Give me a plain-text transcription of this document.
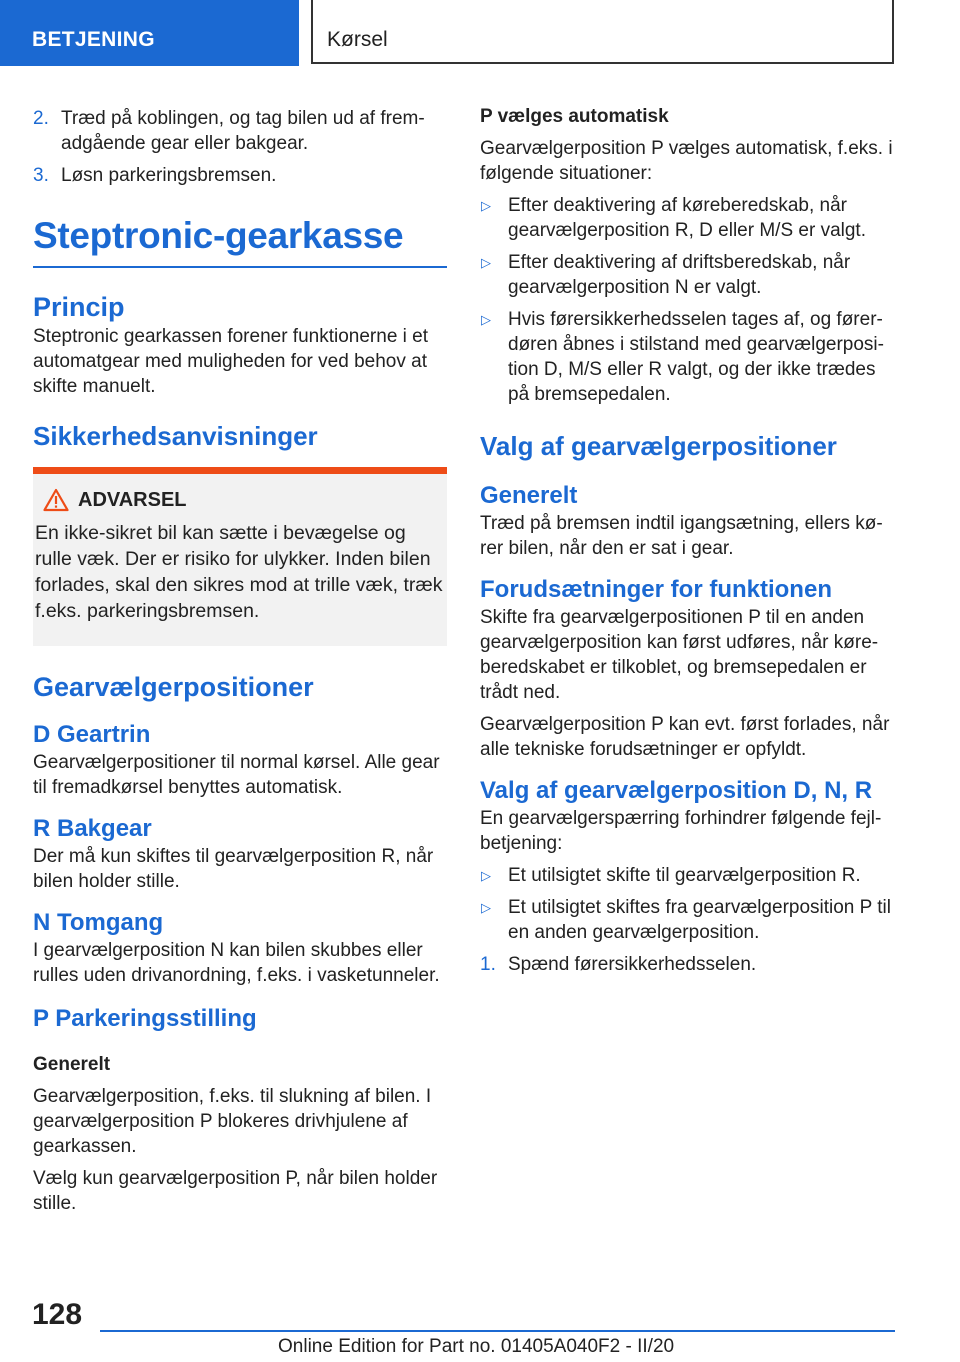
BETJENING	Kørsel
2. Træd på koblingen, og tag bilen ud af fremadgående gear eller bakgear.
3. Løsn parkeringsbremsen.
Steptronic-gearkasse
Princip

Steptronic gearkassen forener funktionerne i et automatgear med muligheden for ved behov at skifte manuelt.

Sikkerhedsanvisninger
ADVARSEL

En ikke-sikret bil kan sætte i bevægelse og rulle væk. Der er risiko for ulykker. Inden bilen forlades, skal den sikres mod at trille væk, træk f.eks. parkeringsbremsen.

Gearvælgerpositioner
D Geartrin

Gearvælgerpositioner til normal kørsel. Alle gear til fremadkørsel benyttes automatisk.

R Bakgear

Der må kun skiftes til gearvælgerposition R, når bilen holder stille.

N Tomgang

I gearvælgerposition N kan bilen skubbes eller rulles uden drivanordning, f.eks. i vasketunneler.

P Parkeringsstilling
Generelt

Gearvælgerposition, f.eks. til slukning af bilen. I gearvælgerposition P blokeres drivhjulene af gearkassen.

Vælg kun gearvælgerposition P, når bilen holder stille.

P vælges automatisk

Gearvælgerposition P vælges automatisk, f.eks. i følgende situationer:

▷ Efter deaktivering af køreberedskab, når gearvælgerposition R, D eller M/S er valgt.
▷ Efter deaktivering af driftsberedskab, når gearvælgerposition N er valgt.
▷ Hvis førersikkerhedsselen tages af, og førerdøren åbnes i stilstand med gearvælgerposition D, M/S eller R valgt, og der ikke trædes på bremsepedalen.
Valg af gearvælgerpositioner
Generelt

Træd på bremsen indtil igangsætning, ellers kører bilen, når den er sat i gear.

Forudsætninger for funktionen

Skifte fra gearvælgerpositionen P til en anden gearvælgerposition kan først udføres, når køreberedskabet er tilkoblet, og bremsepedalen er trådt ned.

Gearvælgerposition P kan evt. først forlades, når alle tekniske forudsætninger er opfyldt.

Valg af gearvælgerposition D, N, R

En gearvælgerspærring forhindrer følgende fejlbetjening:

▷ Et utilsigtet skifte til gearvælgerposition R.
▷ Et utilsigtet skiftes fra gearvælgerposition P til en anden gearvælgerposition.
1. Spænd førersikkerhedsselen.
128
Online Edition for Part no. 01405A040F2 - II/20
